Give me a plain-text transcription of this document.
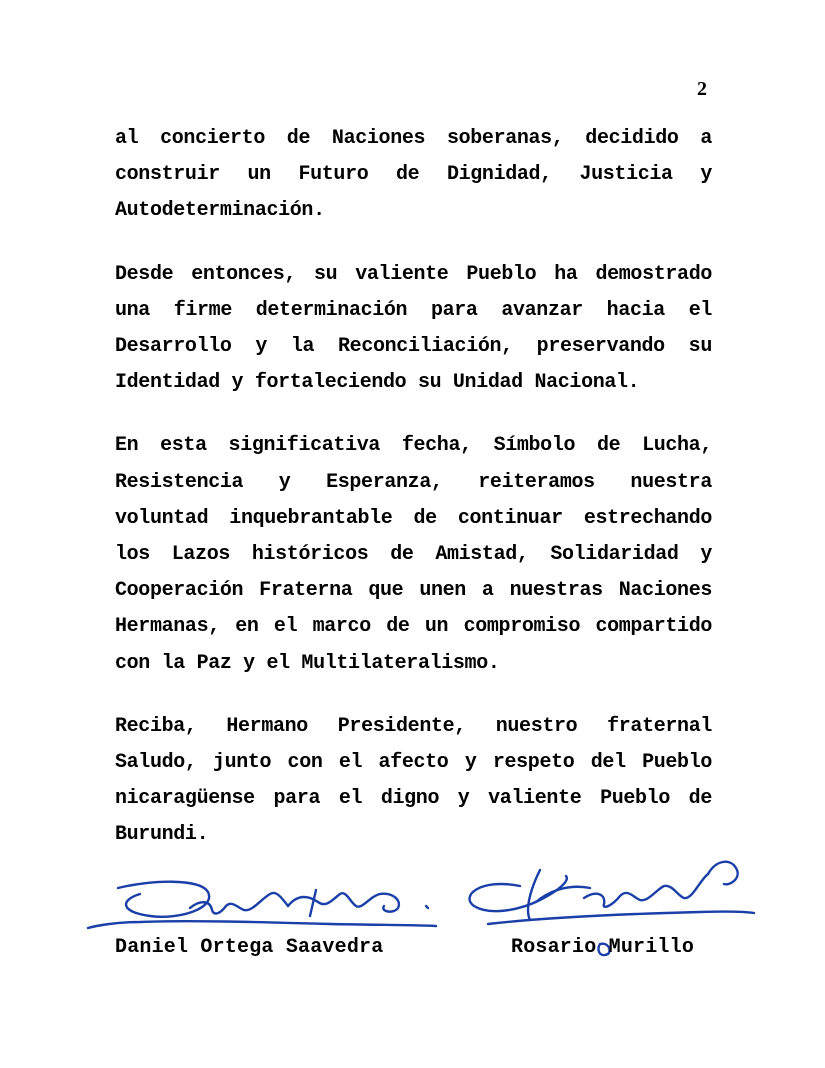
2

al concierto de Naciones soberanas, decidido a construir un Futuro de Dignidad, Justicia y Autodeterminación.

Desde entonces, su valiente Pueblo ha demostrado una firme determinación para avanzar hacia el Desarrollo y la Reconciliación, preservando su Identidad y fortaleciendo su Unidad Nacional.

En esta significativa fecha, Símbolo de Lucha, Resistencia y Esperanza, reiteramos nuestra voluntad inquebrantable de continuar estrechando los Lazos históricos de Amistad, Solidaridad y Cooperación Fraterna que unen a nuestras Naciones Hermanas, en el marco de un compromiso compartido con la Paz y el Multilateralismo.

Reciba, Hermano Presidente, nuestro fraternal Saludo, junto con el afecto y respeto del Pueblo nicaragüense para el digno y valiente Pueblo de Burundi.

Daniel Ortega Saavedra	Rosario Murillo
